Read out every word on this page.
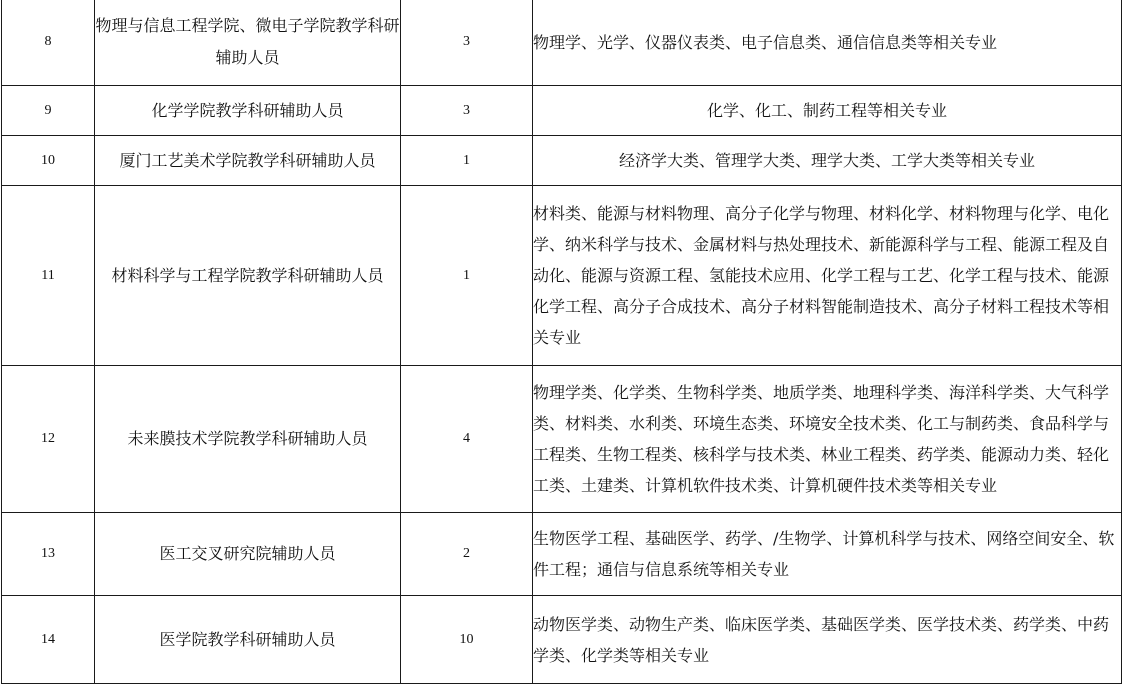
8	物理与信息工程学院、微电子学院教学科研辅助人员	3	物理学、光学、仪器仪表类、电子信息类、通信信息类等相关专业
9	化学学院教学科研辅助人员	3	化学、化工、制药工程等相关专业
10	厦门工艺美术学院教学科研辅助人员	1	经济学大类、管理学大类、理学大类、工学大类等相关专业
11	材料科学与工程学院教学科研辅助人员	1	材料类、能源与材料物理、高分子化学与物理、材料化学、材料物理与化学、电化学、纳米科学与技术、金属材料与热处理技术、新能源科学与工程、能源工程及自动化、能源与资源工程、氢能技术应用、化学工程与工艺、化学工程与技术、能源化学工程、高分子合成技术、高分子材料智能制造技术、高分子材料工程技术等相关专业
12	未来膜技术学院教学科研辅助人员	4	物理学类、化学类、生物科学类、地质学类、地理科学类、海洋科学类、大气科学类、材料类、水利类、环境生态类、环境安全技术类、化工与制药类、食品科学与工程类、生物工程类、核科学与技术类、林业工程类、药学类、能源动力类、轻化工类、土建类、计算机软件技术类、计算机硬件技术类等相关专业
13	医工交叉研究院辅助人员	2	生物医学工程、基础医学、药学、/生物学、计算机科学与技术、网络空间安全、软件工程；通信与信息系统等相关专业
14	医学院教学科研辅助人员	10	动物医学类、动物生产类、临床医学类、基础医学类、医学技术类、药学类、中药学类、化学类等相关专业
